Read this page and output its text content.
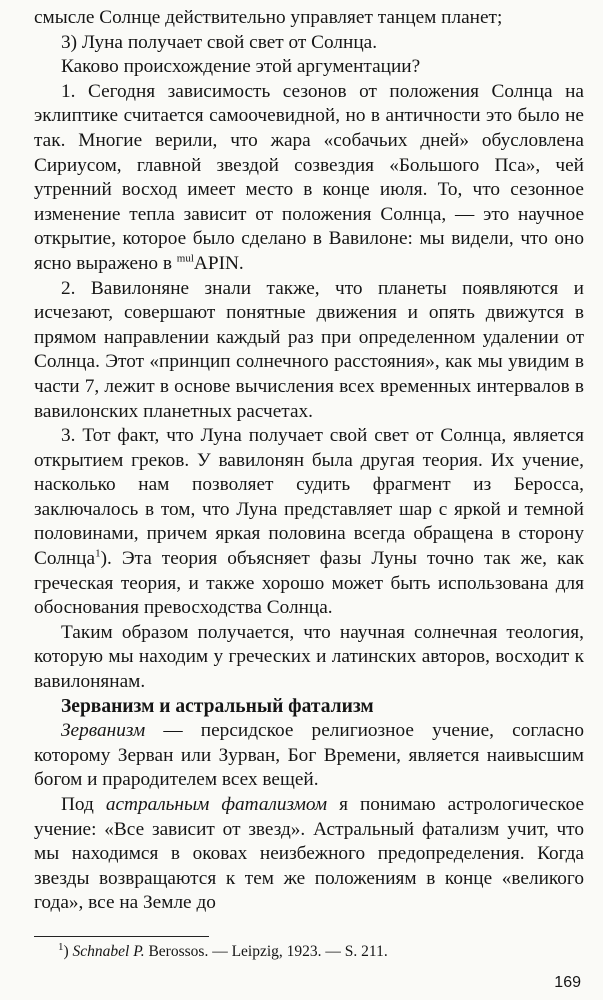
смысле Солнце действительно управляет танцем планет;

3) Луна получает свой свет от Солнца.

Каково происхождение этой аргументации?

1. Сегодня зависимость сезонов от положения Солнца на эклиптике считается самоочевидной, но в античности это было не так. Многие верили, что жара «собачьих дней» обусловлена Сириусом, главной звездой созвездия «Большого Пса», чей утренний восход имеет место в конце июля. То, что сезонное изменение тепла зависит от положения Солнца, — это научное открытие, которое было сделано в Вавилоне: мы видели, что оно ясно выражено в $^{mul}$APIN.

2. Вавилоняне знали также, что планеты появляются и исчезают, совершают понятные движения и опять движутся в прямом направлении каждый раз при определенном удалении от Солнца. Этот «принцип солнечного расстояния», как мы увидим в части 7, лежит в основе вычисления всех временных интервалов в вавилонских планетных расчетах.

3. Тот факт, что Луна получает свой свет от Солнца, является открытием греков. У вавилонян была другая теория. Их учение, насколько нам позволяет судить фрагмент из Беросса, заключалось в том, что Луна представляет шар с яркой и темной половинами, причем яркая половина всегда обращена в сторону Солнца$^1$). Эта теория объясняет фазы Луны точно так же, как греческая теория, и также хорошо может быть использована для обоснования превосходства Солнца.

Таким образом получается, что научная солнечная теология, которую мы находим у греческих и латинских авторов, восходит к вавилонянам.

Зерванизм и астральный фатализм

Зерванизм — персидское религиозное учение, согласно которому Зерван или Зурван, Бог Времени, является наивысшим богом и прародителем всех вещей.

Под астральным фатализмом я понимаю астрологическое учение: «Все зависит от звезд». Астральный фатализм учит, что мы находимся в оковах неизбежного предопределения. Когда звезды возвращаются к тем же положениям в конце «великого года», все на Земле до

$^1$) Schnabel P. Berossos. — Leipzig, 1923. — S. 211.
169
